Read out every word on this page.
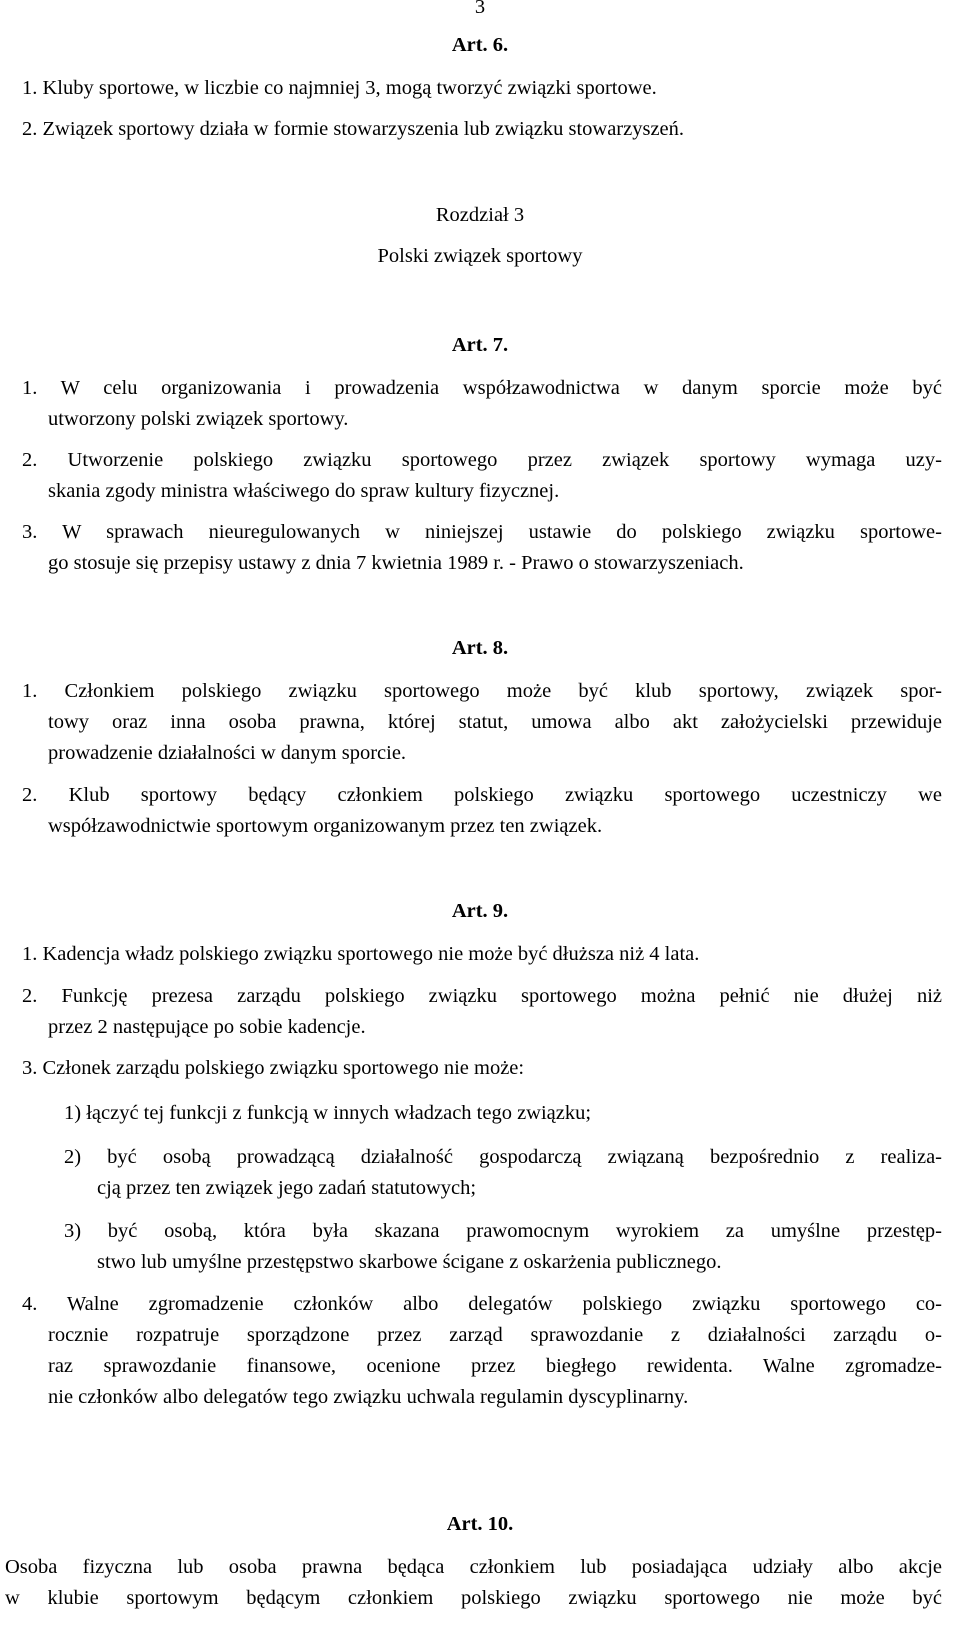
3
Art. 6.
1. Kluby sportowe, w liczbie co najmniej 3, mogą tworzyć związki sportowe.
2. Związek sportowy działa w formie stowarzyszenia lub związku stowarzyszeń.
Rozdział 3
Polski związek sportowy
Art. 7.
1. W celu organizowania i prowadzenia współzawodnictwa w danym sporcie może być
utworzony polski związek sportowy.
2. Utworzenie polskiego związku sportowego przez związek sportowy wymaga uzy-
skania zgody ministra właściwego do spraw kultury fizycznej.
3. W sprawach nieuregulowanych w niniejszej ustawie do polskiego związku sportowe-
go stosuje się przepisy ustawy z dnia 7 kwietnia 1989 r. - Prawo o stowarzyszeniach.
Art. 8.
1. Członkiem polskiego związku sportowego może być klub sportowy, związek spor-
towy oraz inna osoba prawna, której statut, umowa albo akt założycielski przewiduje
prowadzenie działalności w danym sporcie.
2. Klub sportowy będący członkiem polskiego związku sportowego uczestniczy we
współzawodnictwie sportowym organizowanym przez ten związek.
Art. 9.
1. Kadencja władz polskiego związku sportowego nie może być dłuższa niż 4 lata.
2. Funkcję prezesa zarządu polskiego związku sportowego można pełnić nie dłużej niż
przez 2 następujące po sobie kadencje.
3. Członek zarządu polskiego związku sportowego nie może:
1) łączyć tej funkcji z funkcją w innych władzach tego związku;
2) być osobą prowadzącą działalność gospodarczą związaną bezpośrednio z realiza-
cją przez ten związek jego zadań statutowych;
3) być osobą, która była skazana prawomocnym wyrokiem za umyślne przestęp-
stwo lub umyślne przestępstwo skarbowe ścigane z oskarżenia publicznego.
4. Walne zgromadzenie członków albo delegatów polskiego związku sportowego co-
rocznie rozpatruje sporządzone przez zarząd sprawozdanie z działalności zarządu o-
raz sprawozdanie finansowe, ocenione przez biegłego rewidenta. Walne zgromadze-
nie członków albo delegatów tego związku uchwala regulamin dyscyplinarny.
Art. 10.
Osoba fizyczna lub osoba prawna będąca członkiem lub posiadająca udziały albo akcje
w klubie sportowym będącym członkiem polskiego związku sportowego nie może być
